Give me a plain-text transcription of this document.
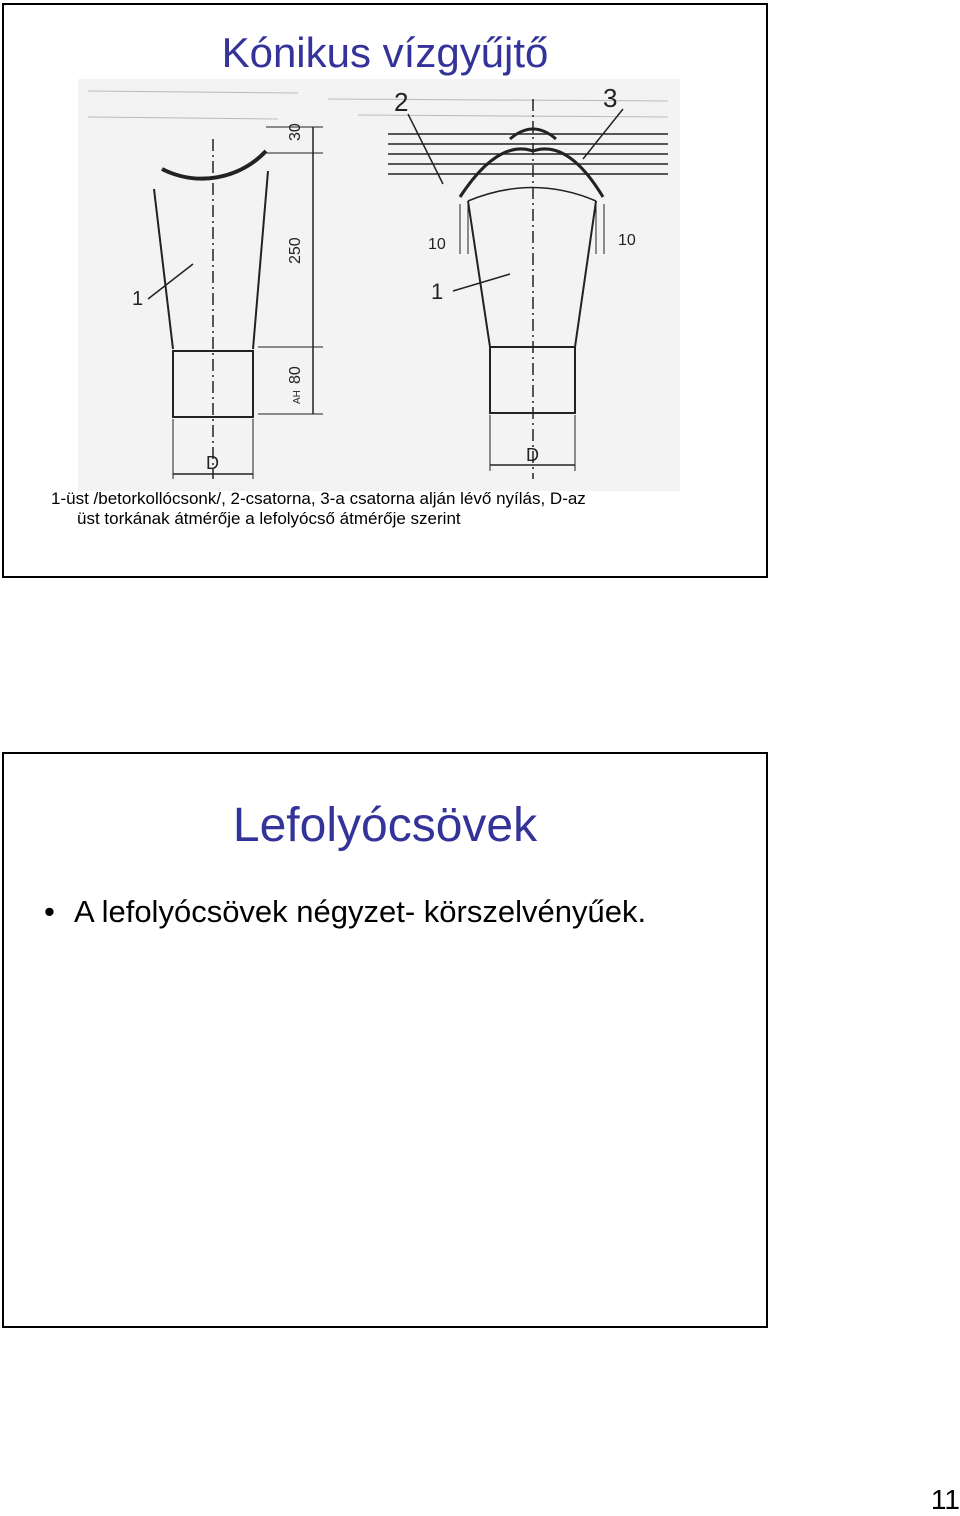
Kónikus vízgyűjtő
30
250
80
AH
D
1
2	3
10	10
1
D
1-üst /betorkollócsonk/, 2-csatorna, 3-a csatorna alján lévő nyílás, D-az
üst torkának átmérője a lefolyócső átmérője szerint
Lefolyócsövek
• A lefolyócsövek négyzet- körszelvényűek.
11
